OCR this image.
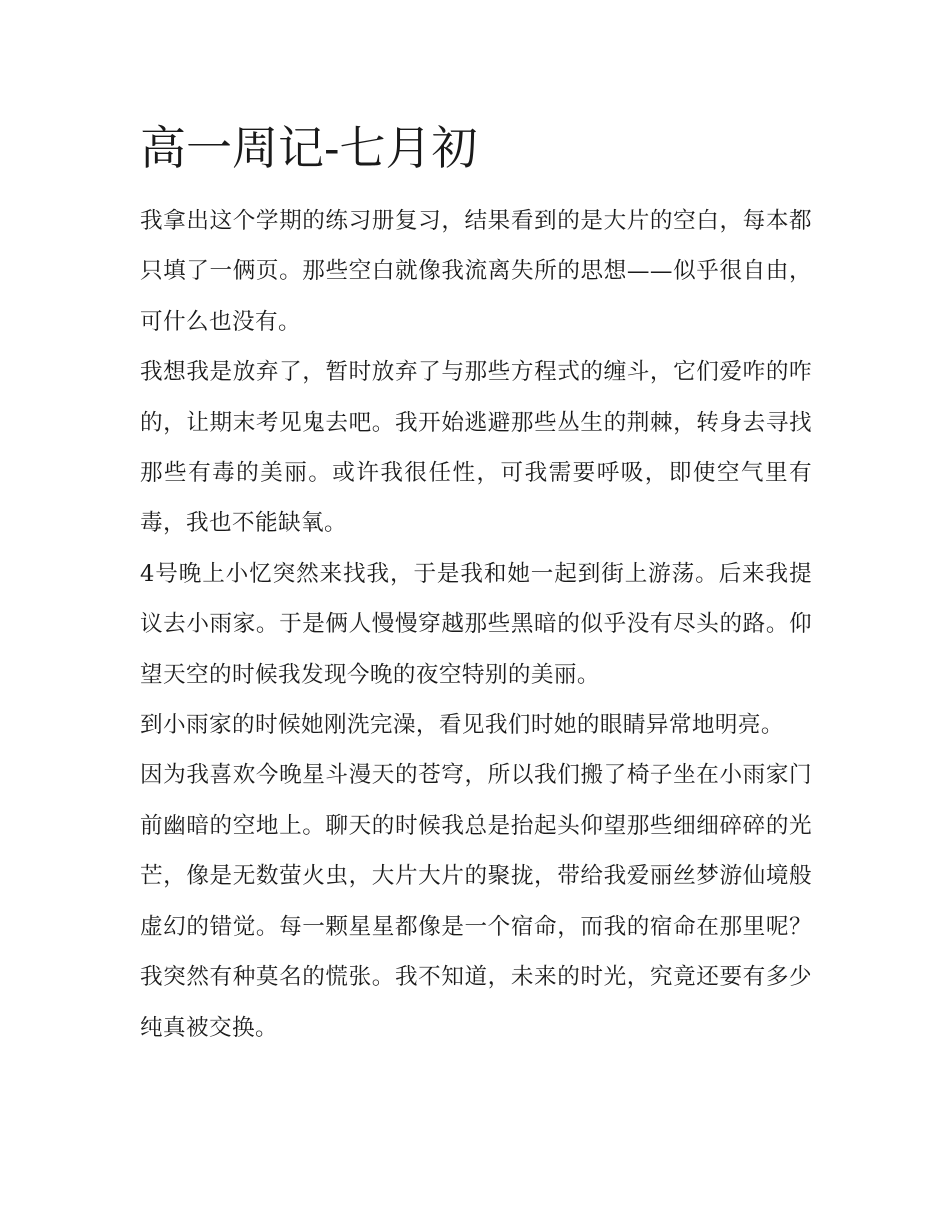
高一周记-七月初

我拿出这个学期的练习册复习，结果看到的是大片的空白，每本都只填了一俩页。那些空白就像我流离失所的思想——似乎很自由，可什么也没有。

我想我是放弃了，暂时放弃了与那些方程式的缠斗，它们爱咋的咋的，让期末考见鬼去吧。我开始逃避那些丛生的荆棘，转身去寻找那些有毒的美丽。或许我很任性，可我需要呼吸，即使空气里有毒，我也不能缺氧。

4号晚上小忆突然来找我，于是我和她一起到街上游荡。后来我提议去小雨家。于是俩人慢慢穿越那些黑暗的似乎没有尽头的路。仰望天空的时候我发现今晚的夜空特别的美丽。

到小雨家的时候她刚洗完澡，看见我们时她的眼睛异常地明亮。

因为我喜欢今晚星斗漫天的苍穹，所以我们搬了椅子坐在小雨家门前幽暗的空地上。聊天的时候我总是抬起头仰望那些细细碎碎的光芒，像是无数萤火虫，大片大片的聚拢，带给我爱丽丝梦游仙境般虚幻的错觉。每一颗星星都像是一个宿命，而我的宿命在那里呢？我突然有种莫名的慌张。我不知道，未来的时光，究竟还要有多少纯真被交换。
